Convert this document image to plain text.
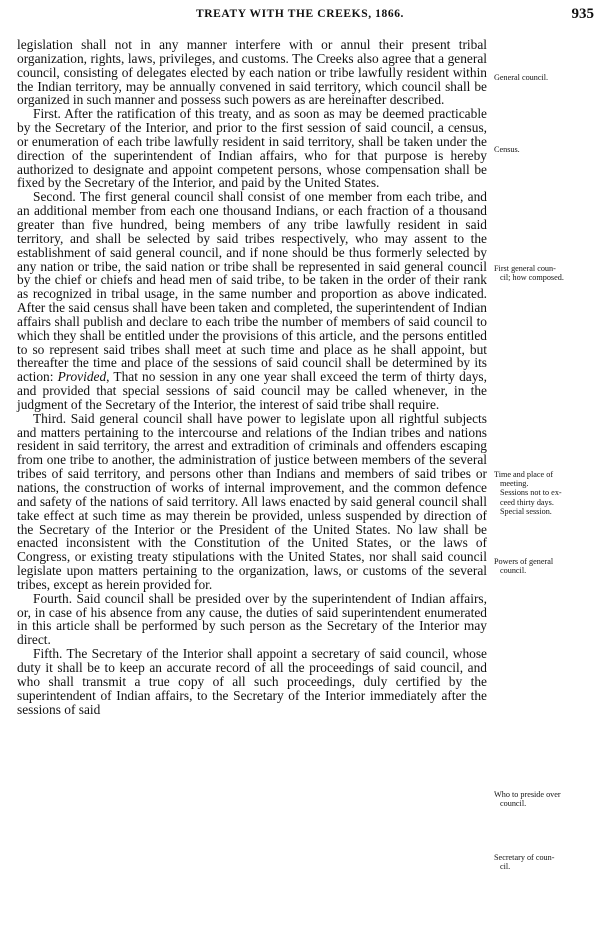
TREATY WITH THE CREEKS, 1866.	935

legislation shall not in any manner interfere with or annul their present tribal organization, rights, laws, privileges, and customs. The Creeks also agree that a general council, consisting of delegates elected by each nation or tribe lawfully resident within the Indian territory, may be annually convened in said territory, which council shall be organized in such manner and possess such powers as are hereinafter described.

First. After the ratification of this treaty, and as soon as may be deemed practicable by the Secretary of the Interior, and prior to the first session of said council, a census, or enumeration of each tribe lawfully resident in said territory, shall be taken under the direction of the superintendent of Indian affairs, who for that purpose is hereby authorized to designate and appoint competent persons, whose compensation shall be fixed by the Secretary of the Interior, and paid by the United States.

Second. The first general council shall consist of one member from each tribe, and an additional member from each one thousand Indians, or each fraction of a thousand greater than five hundred, being members of any tribe lawfully resident in said territory, and shall be selected by said tribes respectively, who may assent to the establishment of said general council, and if none should be thus formerly selected by any nation or tribe, the said nation or tribe shall be represented in said general council by the chief or chiefs and head men of said tribe, to be taken in the order of their rank as recognized in tribal usage, in the same number and proportion as above indicated. After the said census shall have been taken and completed, the superintendent of Indian affairs shall publish and declare to each tribe the number of members of said council to which they shall be entitled under the provisions of this article, and the persons entitled to so represent said tribes shall meet at such time and place as he shall appoint, but thereafter the time and place of the sessions of said council shall be determined by its action: Provided, That no session in any one year shall exceed the term of thirty days, and provided that special sessions of said council may be called whenever, in the judgment of the Secretary of the Interior, the interest of said tribe shall require.

Third. Said general council shall have power to legislate upon all rightful subjects and matters pertaining to the intercourse and relations of the Indian tribes and nations resident in said territory, the arrest and extradition of criminals and offenders escaping from one tribe to another, the administration of justice between members of the several tribes of said territory, and persons other than Indians and members of said tribes or nations, the construction of works of internal improvement, and the common defence and safety of the nations of said territory. All laws enacted by said general council shall take effect at such time as may therein be provided, unless suspended by direction of the Secretary of the Interior or the President of the United States. No law shall be enacted inconsistent with the Constitution of the United States, or the laws of Congress, or existing treaty stipulations with the United States, nor shall said council legislate upon matters pertaining to the organization, laws, or customs of the several tribes, except as herein provided for.

Fourth. Said council shall be presided over by the superintendent of Indian affairs, or, in case of his absence from any cause, the duties of said superintendent enumerated in this article shall be performed by such person as the Secretary of the Interior may direct.

Fifth. The Secretary of the Interior shall appoint a secretary of said council, whose duty it shall be to keep an accurate record of all the proceedings of said council, and who shall transmit a true copy of all such proceedings, duly certified by the superintendent of Indian affairs, to the Secretary of the Interior immediately after the sessions of said

General council.
Census.
First general coun-
cil; how composed.
Time and place of
meeting.
Sessions not to ex-
ceed thirty days.
Special session.
Powers of general
council.
Who to preside over
council.
Secretary of coun-
cil.
